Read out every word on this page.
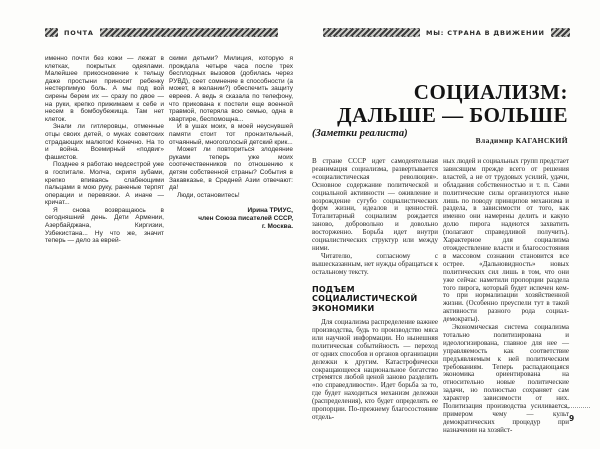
ПОЧТА	МЫ: СТРАНА В ДВИЖЕНИИ

именно почти без кожи — лежат в клетках, покрытых одеялами. Малейшее прикосновение к тельцу даже простыни приносит ребенку нестерпимую боль. А мы под вой сирены берем их — сразу по двое — на руки, крепко прижимаем к себе и несем в бомбоубежища. Там нет клеток.

Знали ли гитлеровцы, отменные отцы своих детей, о муках советских страдающих малюток! Конечно. На то и война. Всемирный «подвиг» фашистов.

Позднее я работаю медсестрой уже в госпитале. Молча, скрипя зубами, крепко впиваясь слабеющими пальцами в мою руку, раненые терпят операции и перевязки. А иначе — кричат...

Я снова возвращаюсь в сегодняшний день. Дети Армении, Азербайджана, Киргизии, Узбекистана... Ну что же, значит теперь — дело за еврей-

скими детьми? Милиция, которую я прождала четыре часа после трех бесплодных вызовов (добилась через РУВД), сеет сомнение в способности (а может, в желании?) обеспечить защиту евреев. А ведь я сказала по телефону, что прикована к постели еще военной травмой, потеряла всю семью, одна в квартире, беспомощна...

И в ушах моих, в моей неуснувшей памяти стоит тот пронзительный, отчаянный, многоголосый детский крик...

Может ли повториться злодеяние руками теперь уже моих соотечественников по отношению к детям собственной страны? События в Закавказье, в Средней Азии отвечают: да!

Люди, остановитесь!

Ирина ТРИУС,
член Союза писателей СССР,
г. Москва.
СОЦИАЛИЗМ:
ДАЛЬШЕ — БОЛЬШЕ
(Заметки реалиста)
Владимир КАГАНСКИЙ

В стране СССР идет самодеятельная реанимация социализма, развертывается «социалистическая революция». Основное содержание политической и социальной активности — оживление и возрождение сугубо социалистических форм жизни, идеалов и ценностей. Тоталитарный социализм рождается заново, добровольно и довольно восторженно. Борьба идет внутри социалистических структур или между ними.

Читателю, согласному с вышесказанным, нет нужды обращаться к остальному тексту.

ПОДЪЕМ СОЦИАЛИСТИЧЕСКОЙ ЭКОНОМИКИ

Для социализма распределение важнее производства, будь то производство мяса или научной информации. Но нынешняя политическая событийность — переход от одних способов и органов организации дележки к другим. Катастрофически сокращающееся национальное богатство стремятся любой ценой заново разделить «по справедливости». Идет борьба за то, где будет находиться механизм дележки (распределения), кто будет определять ее пропорции. По-прежнему благосостояние отдель-

ных людей и социальных групп предстает зависящим прежде всего от решения властей, а не от трудовых усилий, удачи, обладания собственностью и т. п. Сами политические силы организуются ныне лишь по поводу принципов механизма и раздела, в зависимости от того, как именно они намерены делить и какую долю пирога надеются захватить (полагают справедливой получить). Характерное для социализма отождествление власти и благосостояния в массовом сознании становится все острее. «Дальновидность» новых политических сил лишь в том, что они уже сейчас наметили пропорции раздела того пирога, который будет испечен кем-то при нормализации хозяйственной жизни. (Особенно преуспели тут в такой активности разного рода социал-демократы).

Экономическая система социализма тотально политизирована и идеологизирована, главное для нее — управляемость как соответствие предъявляемым к ней политическим требованиям. Теперь распадающаяся экономика ориентирована на относительно новые политические задачи, но полностью сохраняет сам характер зависимости от них. Политизация производства усиливается, примером чему — культ демократических процедур при назначении на хозяйст-

9
